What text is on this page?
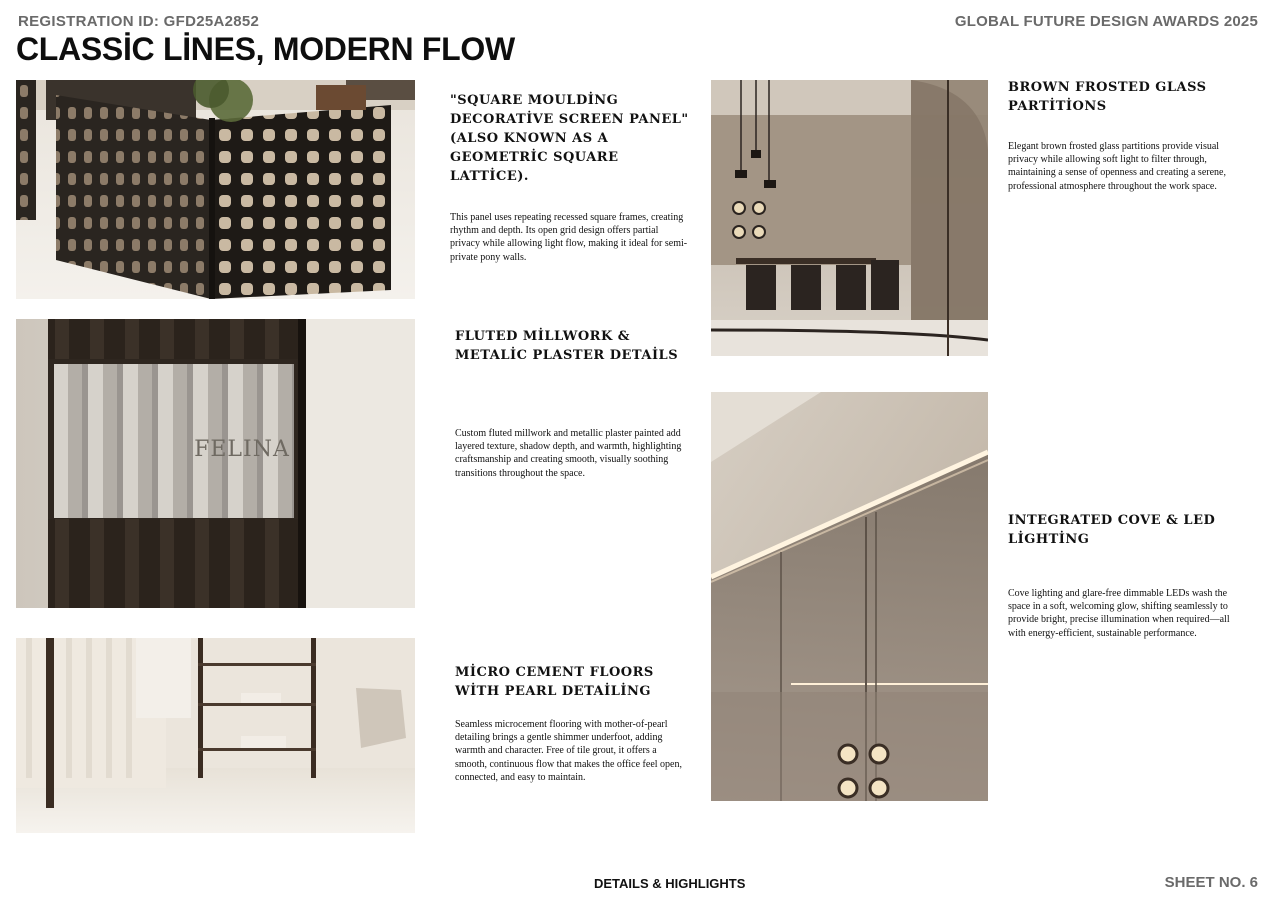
REGISTRATION ID: GFD25A2852	GLOBAL FUTURE DESIGN AWARDS 2025
CLASSİC LİNES, MODERN FLOW
"SQUARE MOULDİNG DECORATİVE SCREEN PANEL" (ALSO KNOWN AS A GEOMETRİC SQUARE LATTİCE).
This panel uses repeating recessed square frames, creating rhythm and depth. Its open grid design offers partial privacy while allowing light flow, making it ideal for semi-private pony walls.
FELINA
FLUTED MİLLWORK & METALİC PLASTER DETAİLS
Custom fluted millwork and metallic plaster painted add layered texture, shadow depth, and warmth, highlighting craftsmanship and creating smooth, visually soothing transitions throughout the space.
MİCRO CEMENT FLOORS WİTH PEARL DETAİLİNG
Seamless microcement flooring with mother-of-pearl detailing brings a gentle shimmer underfoot, adding warmth and character. Free of tile grout, it offers a smooth, continuous flow that makes the office feel open, connected, and easy to maintain.
BROWN FROSTED GLASS PARTİTİONS
Elegant brown frosted glass partitions provide visual privacy while allowing soft light to filter through, maintaining a sense of openness and creating a serene, professional atmosphere throughout the work space.
INTEGRATED COVE & LED LİGHTİNG
Cove lighting and glare-free dimmable LEDs wash the space in a soft, welcoming glow, shifting seamlessly to provide bright, precise illumination when required—all with energy-efficient, sustainable performance.
DETAILS & HIGHLIGHTS	SHEET NO. 6
